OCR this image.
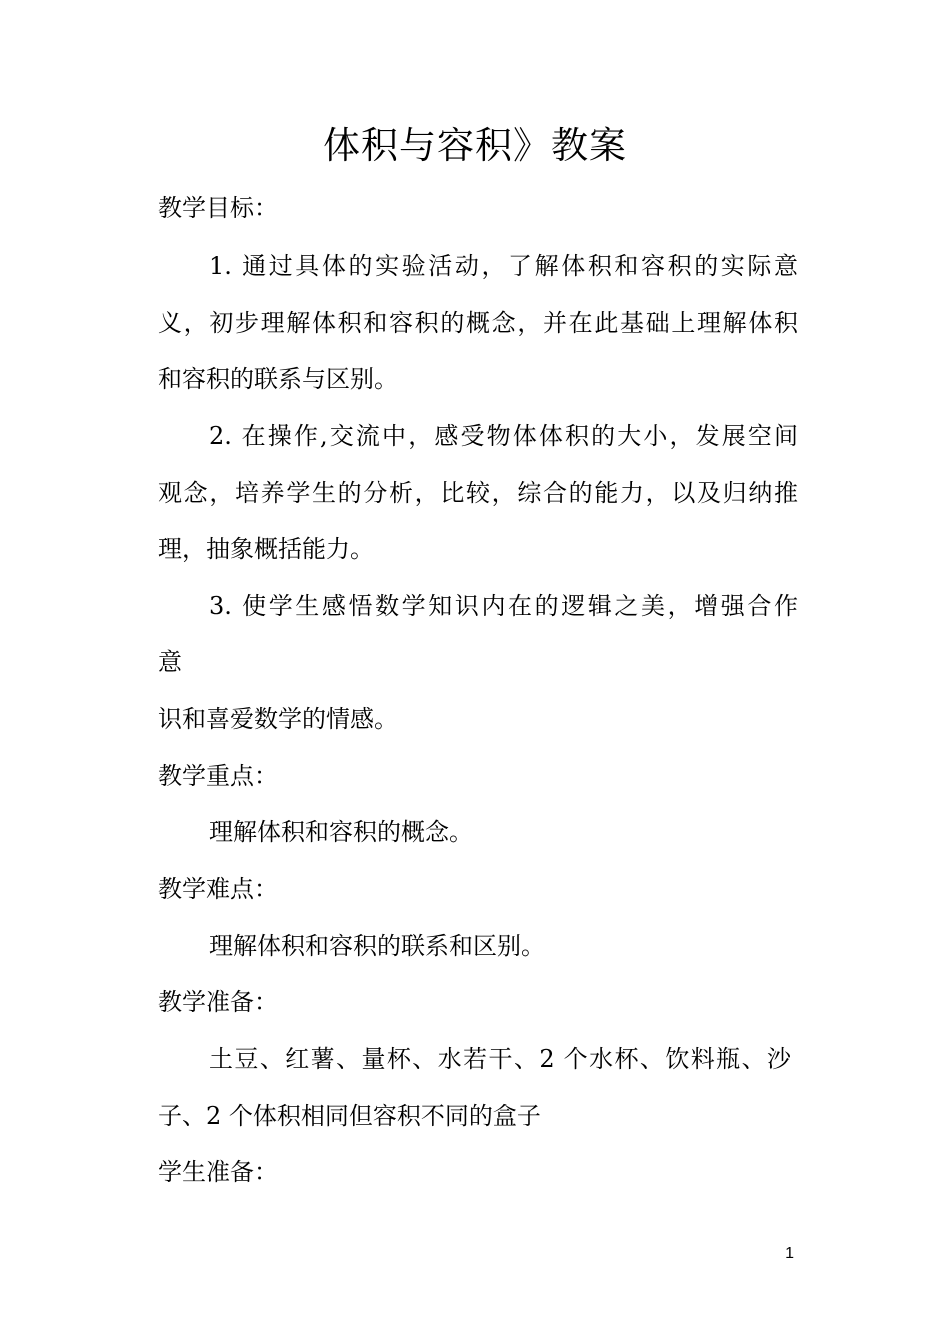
体积与容积》教案
教学目标：
1. 通过具体的实验活动，了解体积和容积的实际意
义，初步理解体积和容积的概念，并在此基础上理解体积
和容积的联系与区别。
2. 在操作,交流中，感受物体体积的大小，发展空间
观念，培养学生的分析，比较，综合的能力，以及归纳推
理，抽象概括能力。
3. 使学生感悟数学知识内在的逻辑之美，增强合作
意
识和喜爱数学的情感。
教学重点：
理解体积和容积的概念。
教学难点：
理解体积和容积的联系和区别。
教学准备：
土豆、红薯、量杯、水若干、2 个水杯、饮料瓶、沙
子、2 个体积相同但容积不同的盒子
学生准备：
1
